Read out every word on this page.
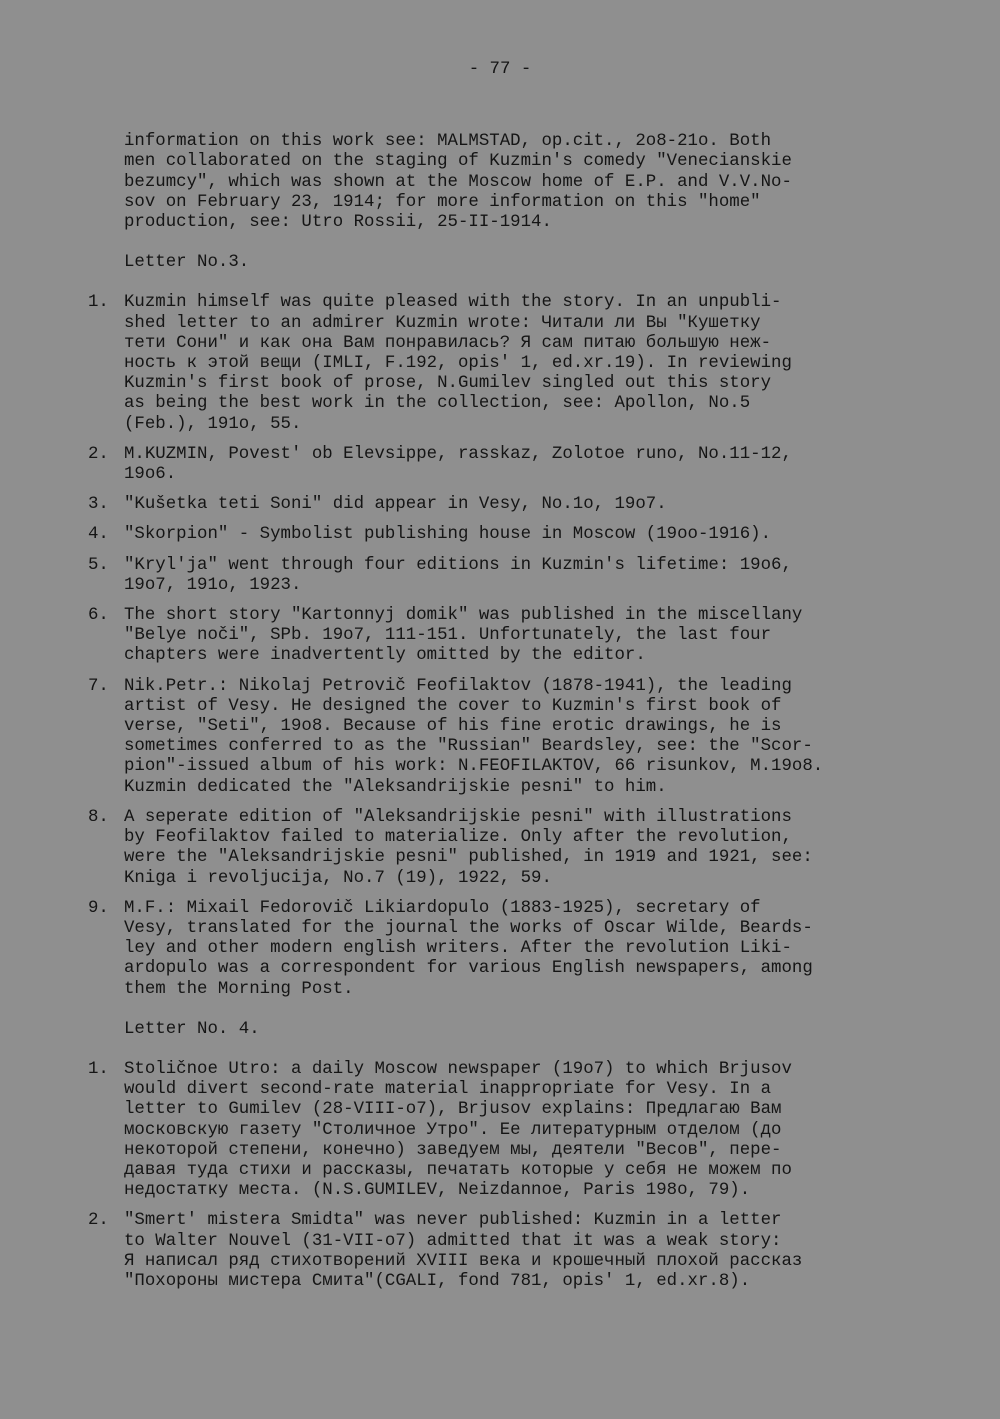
- 77 -
information on this work see: MALMSTAD, op.cit., 2o8-21o. Both
men collaborated on the staging of Kuzmin's comedy "Venecianskie
bezumcy", which was shown at the Moscow home of E.P. and V.V.No-
sov on February 23, 1914; for more information on this "home"
production, see: Utro Rossii, 25-II-1914.
Letter No.3.
1. Kuzmin himself was quite pleased with the story. In an unpubli-
shed letter to an admirer Kuzmin wrote: Читали ли Вы "Кушетку
тети Сони" и как она Вам понравилась? Я сам питаю большую неж-
ность к этой вещи (IMLI, F.192, opis' 1, ed.xr.19). In reviewing
Kuzmin's first book of prose, N.Gumilev singled out this story
as being the best work in the collection, see: Apollon, No.5
(Feb.), 191o, 55.
2. M.KUZMIN, Povest' ob Elevsippe, rasskaz, Zolotoe runo, No.11-12,
19o6.
3. "Kušetka teti Soni" did appear in Vesy, No.1o, 19o7.
4. "Skorpion" - Symbolist publishing house in Moscow (19oo-1916).
5. "Kryl'ja" went through four editions in Kuzmin's lifetime: 19o6,
19o7, 191o, 1923.
6. The short story "Kartonnyj domik" was published in the miscellany
"Belye noči", SPb. 19o7, 111-151. Unfortunately, the last four
chapters were inadvertently omitted by the editor.
7. Nik.Petr.: Nikolaj Petrovič Feofilaktov (1878-1941), the leading
artist of Vesy. He designed the cover to Kuzmin's first book of
verse, "Seti", 19o8. Because of his fine erotic drawings, he is
sometimes conferred to as the "Russian" Beardsley, see: the "Scor-
pion"-issued album of his work: N.FEOFILAKTOV, 66 risunkov, M.19o8.
Kuzmin dedicated the "Aleksandrijskie pesni" to him.
8. A seperate edition of "Aleksandrijskie pesni" with illustrations
by Feofilaktov failed to materialize. Only after the revolution,
were the "Aleksandrijskie pesni" published, in 1919 and 1921, see:
Kniga i revoljucija, No.7 (19), 1922, 59.
9. M.F.: Mixail Fedorovič Likiardopulo (1883-1925), secretary of
Vesy, translated for the journal the works of Oscar Wilde, Beards-
ley and other modern english writers. After the revolution Liki-
ardopulo was a correspondent for various English newspapers, among
them the Morning Post.
Letter No. 4.
1. Stoličnoe Utro: a daily Moscow newspaper (19o7) to which Brjusov
would divert second-rate material inappropriate for Vesy. In a
letter to Gumilev (28-VIII-o7), Brjusov explains: Предлагаю Вам
московскую газету "Столичное Утро". Ее литературным отделом (до
некоторой степени, конечно) заведуем мы, деятели "Весов", пере-
давая туда стихи и рассказы, печатать которые у себя не можем по
недостатку места. (N.S.GUMILEV, Neizdannoe, Paris 198o, 79).
2. "Smert' mistera Smidta" was never published: Kuzmin in a letter
to Walter Nouvel (31-VII-o7) admitted that it was a weak story:
Я написал ряд стихотворений XVIII века и крошечный плохой рассказ
"Похороны мистера Смита"(CGALI, fond 781, opis' 1, ed.xr.8).
